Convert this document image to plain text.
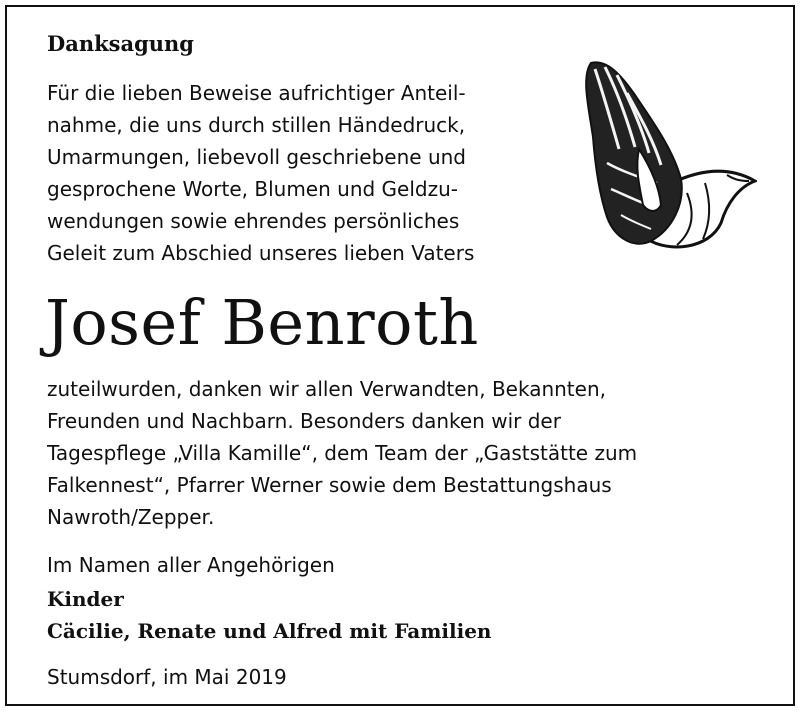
Danksagung

Für die lieben Beweise aufrichtiger Anteil-
nahme, die uns durch stillen Händedruck,
Umarmungen, liebevoll geschriebene und
gesprochene Worte, Blumen und Geldzu-
wendungen sowie ehrendes persönliches
Geleit zum Abschied unseres lieben Vaters

Josef Benroth

zuteilwurden, danken wir allen Verwandten, Bekannten,
Freunden und Nachbarn. Besonders danken wir der
Tagespflege „Villa Kamille“, dem Team der „Gaststätte zum
Falkennest“, Pfarrer Werner sowie dem Bestattungshaus
Nawroth/Zepper.

Im Namen aller Angehörigen
Kinder
Cäcilie, Renate und Alfred mit Familien
Stumsdorf, im Mai 2019
